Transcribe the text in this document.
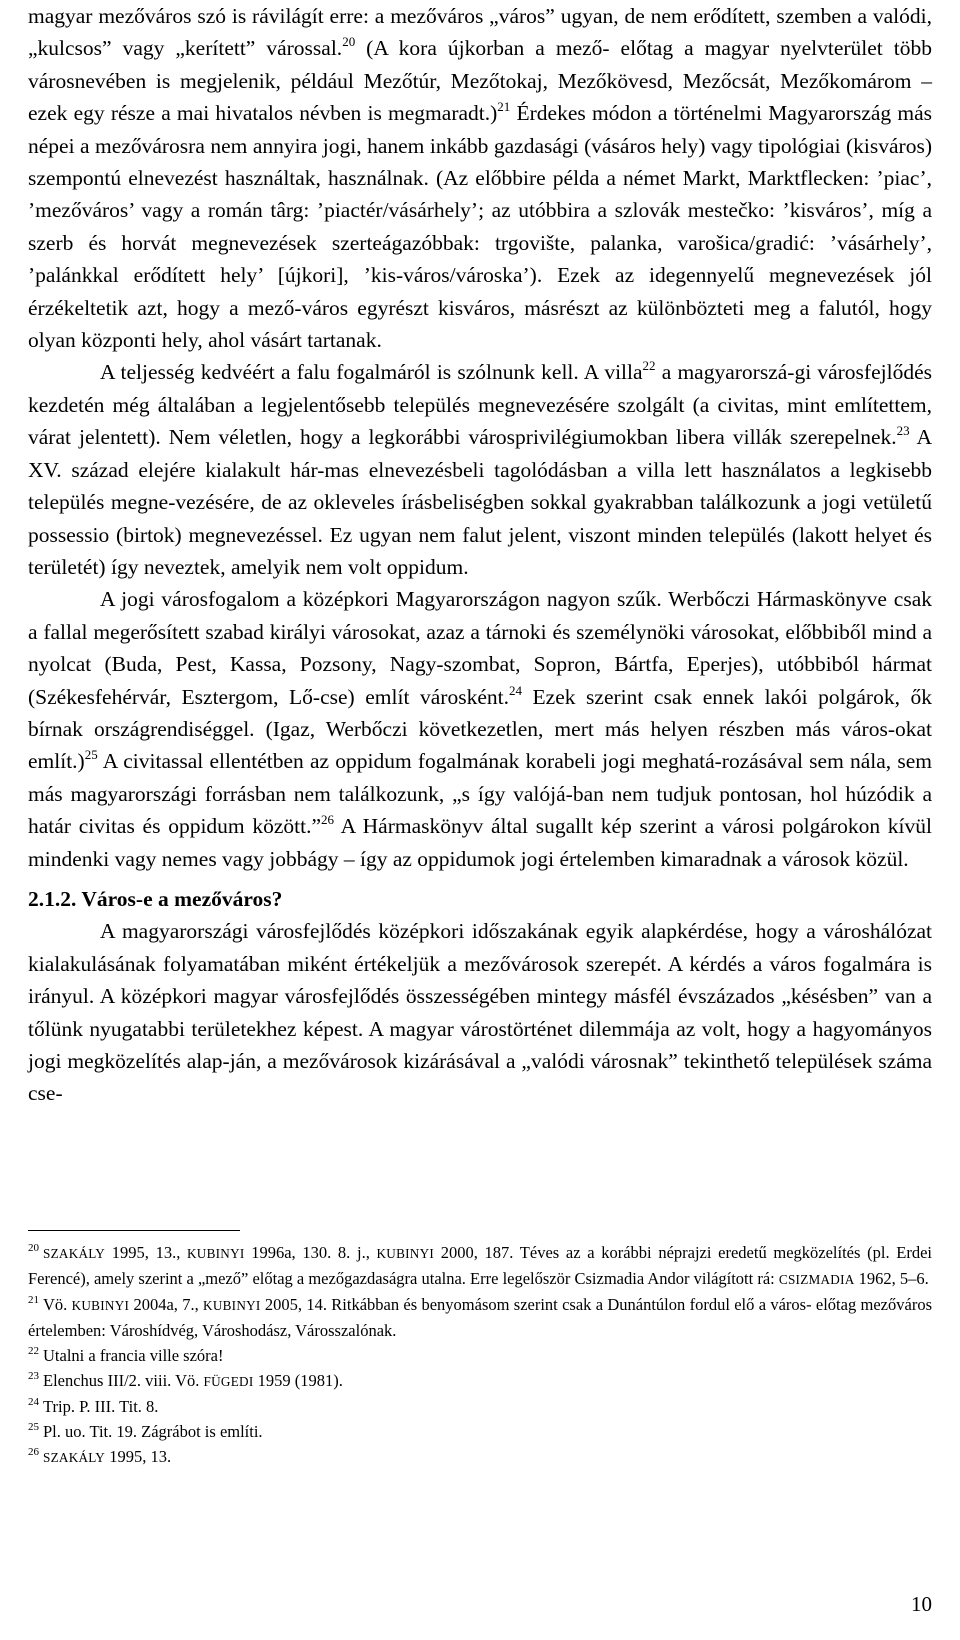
magyar mezőváros szó is rávilágít erre: a mezőváros „város” ugyan, de nem erődített, szemben a valódi, „kulcsos” vagy „kerített” várossal.$^{20}$ (A kora újkorban a mező- előtag a magyar nyelvterület több városnevében is megjelenik, például Mezőtúr, Mezőtokaj, Mezőkövesd, Mezőcsát, Mezőkomárom – ezek egy része a mai hivatalos névben is megmaradt.)$^{21}$ Érdekes módon a történelmi Magyarország más népei a mezővárosra nem annyira jogi, hanem inkább gazdasági (vásáros hely) vagy tipológiai (kisváros) szempontú elnevezést használtak, használnak. (Az előbbire példa a német Markt, Marktflecken: ’piac’, ’mezőváros’ vagy a román târg: ’piactér/vásárhely’; az utóbbira a szlovák mestečko: ’kisváros’, míg a szerb és horvát megnevezések szerteágazóbbak: trgovište, palanka, varošica/gradić: ’vásárhely’, ’palánkkal erődített hely’ [újkori], ’kis-város/városka’). Ezek az idegennyelű megnevezések jól érzékeltetik azt, hogy a mező-város egyrészt kisváros, másrészt az különbözteti meg a falutól, hogy olyan központi hely, ahol vásárt tartanak.

A teljesség kedvéért a falu fogalmáról is szólnunk kell. A villa$^{22}$ a magyarorszá-gi városfejlődés kezdetén még általában a legjelentősebb település megnevezésére szolgált (a civitas, mint említettem, várat jelentett). Nem véletlen, hogy a legkorábbi városprivilégiumokban libera villák szerepelnek.$^{23}$ A XV. század elejére kialakult hár-mas elnevezésbeli tagolódásban a villa lett használatos a legkisebb település megne-vezésére, de az okleveles írásbeliségben sokkal gyakrabban találkozunk a jogi vetületű possessio (birtok) megnevezéssel. Ez ugyan nem falut jelent, viszont minden település (lakott helyet és területét) így neveztek, amelyik nem volt oppidum.

A jogi városfogalom a középkori Magyarországon nagyon szűk. Werbőczi Hármaskönyve csak a fallal megerősített szabad királyi városokat, azaz a tárnoki és személynöki városokat, előbbiből mind a nyolcat (Buda, Pest, Kassa, Pozsony, Nagy-szombat, Sopron, Bártfa, Eperjes), utóbbiból hármat (Székesfehérvár, Esztergom, Lő-cse) említ városként.$^{24}$ Ezek szerint csak ennek lakói polgárok, ők bírnak országrendiséggel. (Igaz, Werbőczi következetlen, mert más helyen részben más város-okat említ.)$^{25}$ A civitassal ellentétben az oppidum fogalmának korabeli jogi meghatá-rozásával sem nála, sem más magyarországi forrásban nem találkozunk, „s így valójá-ban nem tudjuk pontosan, hol húzódik a határ civitas és oppidum között.”$^{26}$ A Hármaskönyv által sugallt kép szerint a városi polgárokon kívül mindenki vagy nemes vagy jobbágy – így az oppidumok jogi értelemben kimaradnak a városok közül.

2.1.2. Város-e a mezőváros?

A magyarországi városfejlődés középkori időszakának egyik alapkérdése, hogy a városhálózat kialakulásának folyamatában miként értékeljük a mezővárosok szerepét. A kérdés a város fogalmára is irányul. A középkori magyar városfejlődés összességében mintegy másfél évszázados „késésben” van a tőlünk nyugatabbi területekhez képest. A magyar várostörténet dilemmája az volt, hogy a hagyományos jogi megközelítés alap-ján, a mezővárosok kizárásával a „valódi városnak” tekinthető települések száma cse-

$^{20}$ SZAKÁLY 1995, 13., KUBINYI 1996a, 130. 8. j., KUBINYI 2000, 187. Téves az a korábbi néprajzi eredetű megközelítés (pl. Erdei Ferencé), amely szerint a „mező” előtag a mezőgazdaságra utalna. Erre legelőször Csizmadia Andor világított rá: CSIZMADIA 1962, 5–6.

$^{21}$ Vö. KUBINYI 2004a, 7., KUBINYI 2005, 14. Ritkábban és benyomásom szerint csak a Dunántúlon fordul elő a város- előtag mezőváros értelemben: Városhídvég, Városhodász, Városszalónak.

$^{22}$ Utalni a francia ville szóra!

$^{23}$ Elenchus III/2. viii. Vö. FÜGEDI 1959 (1981).

$^{24}$ Trip. P. III. Tit. 8.

$^{25}$ Pl. uo. Tit. 19. Zágrábot is említi.

$^{26}$ SZAKÁLY 1995, 13.

10
